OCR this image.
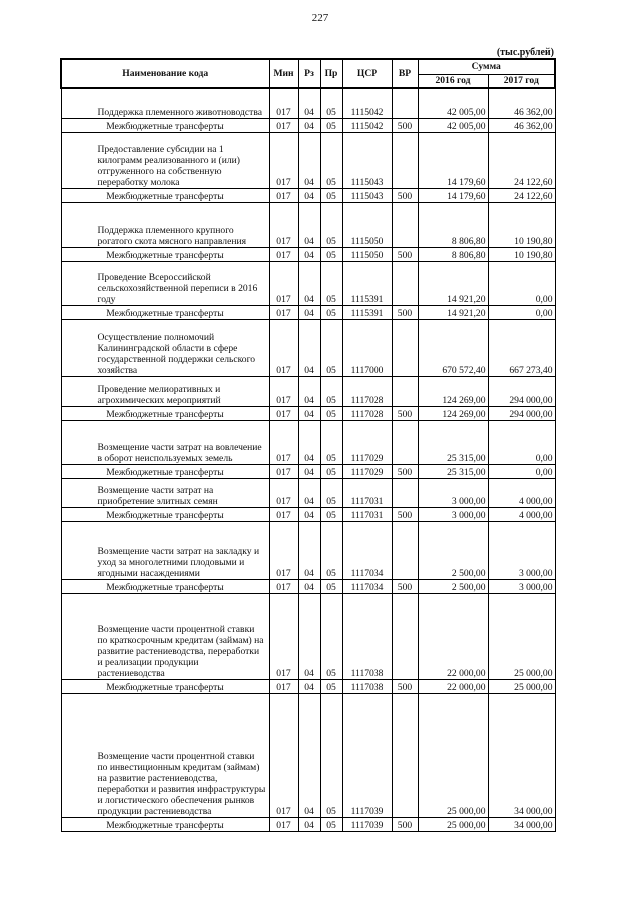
227
(тыс.рублей)
Наименование кода	Мин	Рз	Пр	ЦСР	ВР	Сумма	
						2016 год	2017 год
Поддержка племенного животноводства	017	04	05	1115042		42 005,00	46 362,00
Межбюджетные трансферты	017	04	05	1115042	500	42 005,00	46 362,00
Предоставление субсидии на 1 килограмм реализованного и (или) отгруженного на собственную переработку молока	017	04	05	1115043		14 179,60	24 122,60
Межбюджетные трансферты	017	04	05	1115043	500	14 179,60	24 122,60
Поддержка племенного крупного рогатого скота мясного направления	017	04	05	1115050		8 806,80	10 190,80
Межбюджетные трансферты	017	04	05	1115050	500	8 806,80	10 190,80
Проведение Всероссийской сельскохозяйственной переписи в 2016 году	017	04	05	1115391		14 921,20	0,00
Межбюджетные трансферты	017	04	05	1115391	500	14 921,20	0,00
Осуществление полномочий Калининградской области в сфере государственной поддержки сельского хозяйства	017	04	05	1117000		670 572,40	667 273,40
Проведение мелиоративных и агрохимических мероприятий	017	04	05	1117028		124 269,00	294 000,00
Межбюджетные трансферты	017	04	05	1117028	500	124 269,00	294 000,00
Возмещение части затрат на вовлечение в оборот неиспользуемых земель	017	04	05	1117029		25 315,00	0,00
Межбюджетные трансферты	017	04	05	1117029	500	25 315,00	0,00
Возмещение части затрат на приобретение элитных семян	017	04	05	1117031		3 000,00	4 000,00
Межбюджетные трансферты	017	04	05	1117031	500	3 000,00	4 000,00
Возмещение части затрат на закладку и уход за многолетними плодовыми и ягодными насаждениями	017	04	05	1117034		2 500,00	3 000,00
Межбюджетные трансферты	017	04	05	1117034	500	2 500,00	3 000,00
Возмещение части процентной ставки по краткосрочным кредитам (займам) на развитие растениеводства, переработки и реализации продукции растениеводства	017	04	05	1117038		22 000,00	25 000,00
Межбюджетные трансферты	017	04	05	1117038	500	22 000,00	25 000,00
Возмещение части процентной ставки по инвестиционным кредитам (займам) на развитие растениеводства, переработки и развития инфраструктуры и логистического обеспечения рынков продукции растениеводства	017	04	05	1117039		25 000,00	34 000,00
Межбюджетные трансферты	017	04	05	1117039	500	25 000,00	34 000,00
